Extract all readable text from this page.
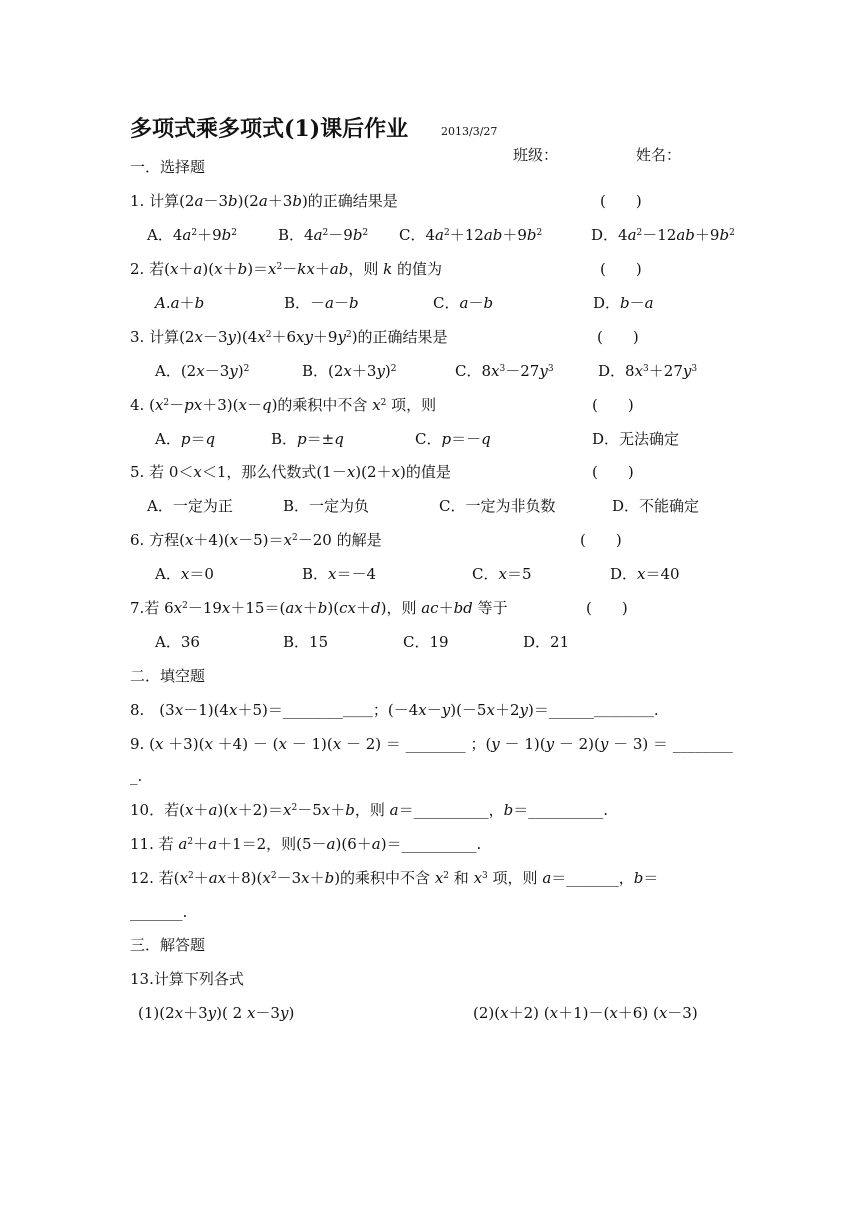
多项式乘多项式(1)课后作业	2013/3/27
班级：	姓名：
一．选择题
1. 计算(2a－3b)(2a＋3b)的正确结果是	(　　)
A．$4a^2+9b^2$	B．$4a^2-9b^2$ C．$4a^2+12ab+9b^2$	D．$4a^2-12ab+9b^2$
2. 若$(x+a)(x+b)=x^2-kx+ab$，则 k 的值为	(　　)
A.a＋b	B．－a－b	C．a－b	D．b－a
3. 计算$(2x-3y)(4x^2+6xy+9y^2)$的正确结果是	(　　)
A．$(2x-3y)^2$	B．$(2x+3y)^2$	C．$8x^3-27y^3$	D．$8x^3+27y^3$
4. $(x^2-px+3)(x-q)$的乘积中不含 $x^2$ 项，则	(　　)
A．p＝q	B．p＝±q	C．p＝－q	D．无法确定
5. 若 0＜x＜1，那么代数式(1－x)(2＋x)的值是	(　　)
A．一定为正	B．一定为负	C．一定为非负数	D．不能确定
6. 方程$(x+4)(x-5)=x^2-20$ 的解是	(　　)
A．x＝0	B．x＝－4	C．x＝5	D．x＝40
7.若 $6x^2-19x+15=(ax+b)(cx+d)$，则 ac＋bd 等于	(　　)
A．36	B．15	C．19	D．21
二．填空题
8.　(3x－1)(4x＋5)＝________＿＿；(－4x－y)(－5x＋2y)＝______＿＿＿＿.
9. (x ＋3)(x ＋4) － (x － 1)(x － 2) ＝ ________ ；(y － 1)(y － 2)(y － 3) ＝ ________
_.
10．若$(x+a)(x+2)=x^2-5x+b$，则 a＝__________，b＝__________.
11. 若 $a^2+a+1=2$，则(5－a)(6＋a)＝__________.
12. 若$(x^2+ax+8)(x^2-3x+b)$的乘积中不含 $x^2$ 和 $x^3$ 项，则 a＝_______，b＝
_______.
三．解答题
13.计算下列各式
(1)(2x＋3y)( 2 x－3y)	(2)(x＋2) (x＋1)－(x＋6) (x－3)
